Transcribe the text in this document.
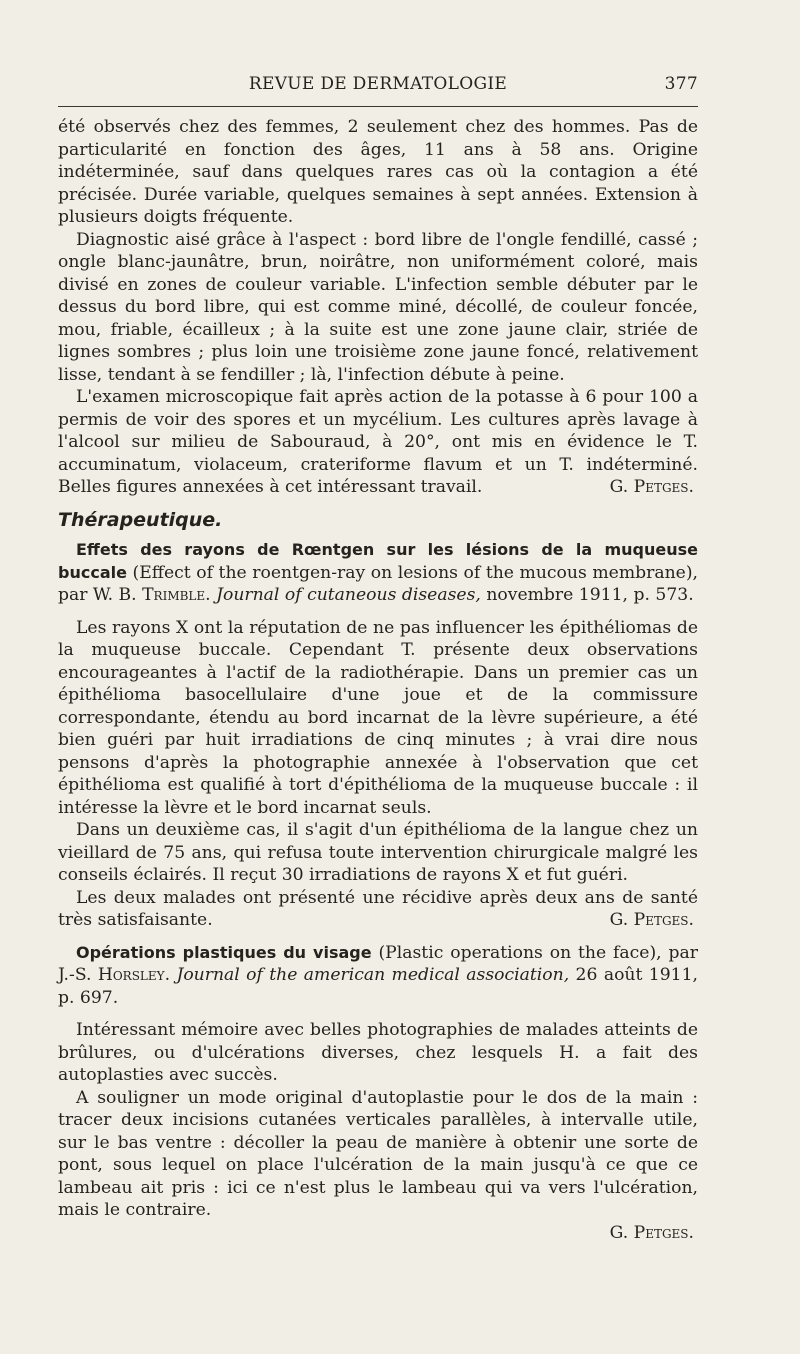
REVUE DE DERMATOLOGIE	377

été observés chez des femmes, 2 seulement chez des hommes. Pas de particularité en fonction des âges, 11 ans à 58 ans. Origine indéterminée, sauf dans quelques rares cas où la contagion a été précisée. Durée variable, quelques semaines à sept années. Extension à plusieurs doigts fréquente.

Diagnostic aisé grâce à l'aspect : bord libre de l'ongle fendillé, cassé ; ongle blanc-jaunâtre, brun, noirâtre, non uniformément coloré, mais divisé en zones de couleur variable. L'infection semble débuter par le dessus du bord libre, qui est comme miné, décollé, de couleur foncée, mou, friable, écailleux ; à la suite est une zone jaune clair, striée de lignes sombres ; plus loin une troisième zone jaune foncé, relativement lisse, tendant à se fendiller ; là, l'infection débute à peine.

L'examen microscopique fait après action de la potasse à 6 pour 100 a permis de voir des spores et un mycélium. Les cultures après lavage à l'alcool sur milieu de Sabouraud, à 20°, ont mis en évidence le T. accuminatum, violaceum, crateriforme flavum et un T. indéterminé. Belles figures annexées à cet intéressant travail.	G. Petges.

Thérapeutique.

Effets des rayons de Rœntgen sur les lésions de la muqueuse buccale (Effect of the roentgen-ray on lesions of the mucous membrane), par W. B. Trimble. Journal of cutaneous diseases, novembre 1911, p. 573.

Les rayons X ont la réputation de ne pas influencer les épithéliomas de la muqueuse buccale. Cependant T. présente deux observations encourageantes à l'actif de la radiothérapie. Dans un premier cas un épithélioma basocellulaire d'une joue et de la commissure correspondante, étendu au bord incarnat de la lèvre supérieure, a été bien guéri par huit irradiations de cinq minutes ; à vrai dire nous pensons d'après la photographie annexée à l'observation que cet épithélioma est qualifié à tort d'épithélioma de la muqueuse buccale : il intéresse la lèvre et le bord incarnat seuls.

Dans un deuxième cas, il s'agit d'un épithélioma de la langue chez un vieillard de 75 ans, qui refusa toute intervention chirurgicale malgré les conseils éclairés. Il reçut 30 irradiations de rayons X et fut guéri.

Les deux malades ont présenté une récidive après deux ans de santé très satisfaisante.	G. Petges.

Opérations plastiques du visage (Plastic operations on the face), par J.-S. Horsley. Journal of the american medical association, 26 août 1911, p. 697.

Intéressant mémoire avec belles photographies de malades atteints de brûlures, ou d'ulcérations diverses, chez lesquels H. a fait des autoplasties avec succès.

A souligner un mode original d'autoplastie pour le dos de la main : tracer deux incisions cutanées verticales parallèles, à intervalle utile, sur le bas ventre : décoller la peau de manière à obtenir une sorte de pont, sous lequel on place l'ulcération de la main jusqu'à ce que ce lambeau ait pris : ici ce n'est plus le lambeau qui va vers l'ulcération, mais le contraire.

G. Petges.
